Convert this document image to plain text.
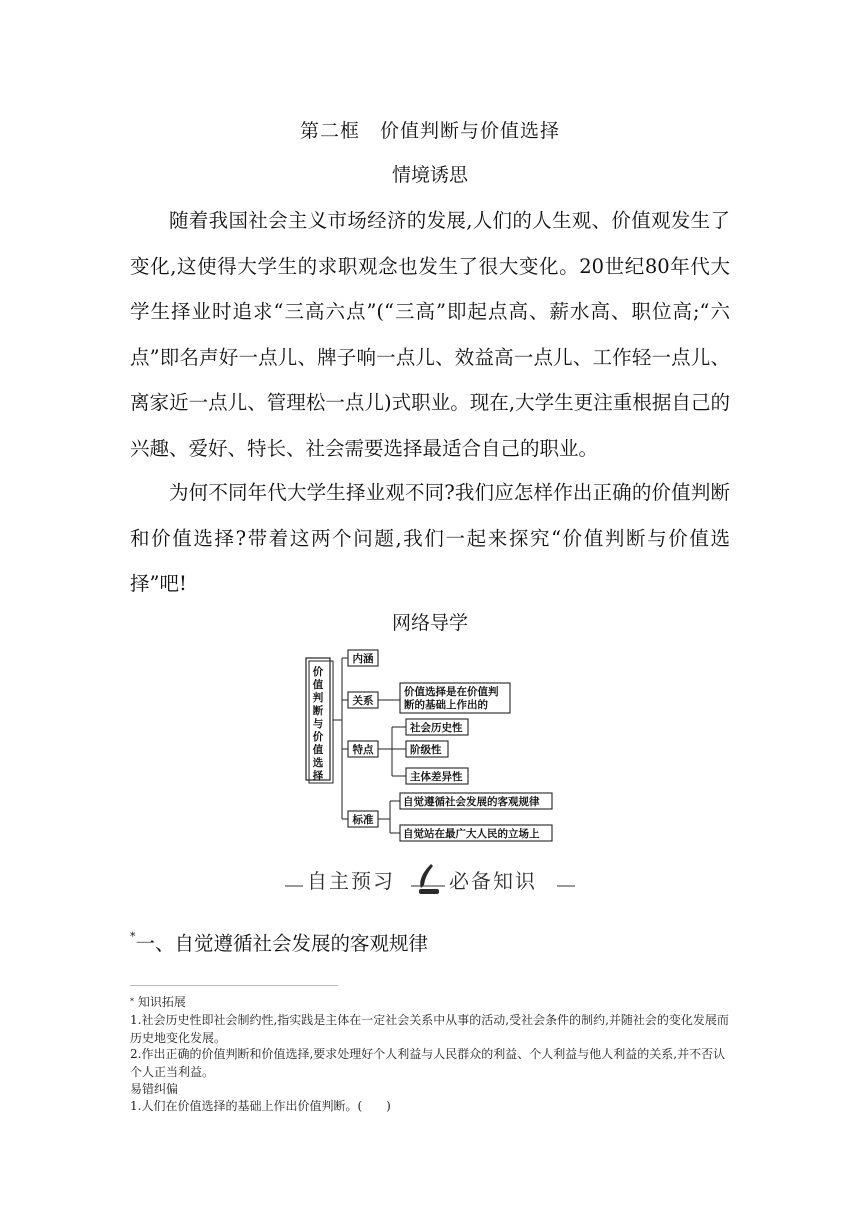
第二框　价值判断与价值选择
情境诱思
随着我国社会主义市场经济的发展,人们的人生观、价值观发生了变化,这使得大学生的求职观念也发生了很大变化。20世纪80年代大学生择业时追求“三高六点”(“三高”即起点高、薪水高、职位高;“六点”即名声好一点儿、牌子响一点儿、效益高一点儿、工作轻一点儿、离家近一点儿、管理松一点儿)式职业。现在,大学生更注重根据自己的兴趣、爱好、特长、社会需要选择最适合自己的职业。
为何不同年代大学生择业观不同?我们应怎样作出正确的价值判断和价值选择?带着这两个问题,我们一起来探究“价值判断与价值选择”吧!
网络导学
价
值
判
断
与
价
值
选
择
内涵
关系
价值选择是在价值判
断的基础上作出的
特点
社会历史性
阶级性
主体差异性
标准
自觉遵循社会发展的客观规律
自觉站在最广大人民的立场上
自主预习	必备知识
*一、自觉遵循社会发展的客观规律
* 知识拓展
1.社会历史性即社会制约性,指实践是主体在一定社会关系中从事的活动,受社会条件的制约,并随社会的变化发展而历史地变化发展。
2.作出正确的价值判断和价值选择,要求处理好个人利益与人民群众的利益、个人利益与他人利益的关系,并不否认个人正当利益。
易错纠偏
1.人们在价值选择的基础上作出价值判断。(　　)
